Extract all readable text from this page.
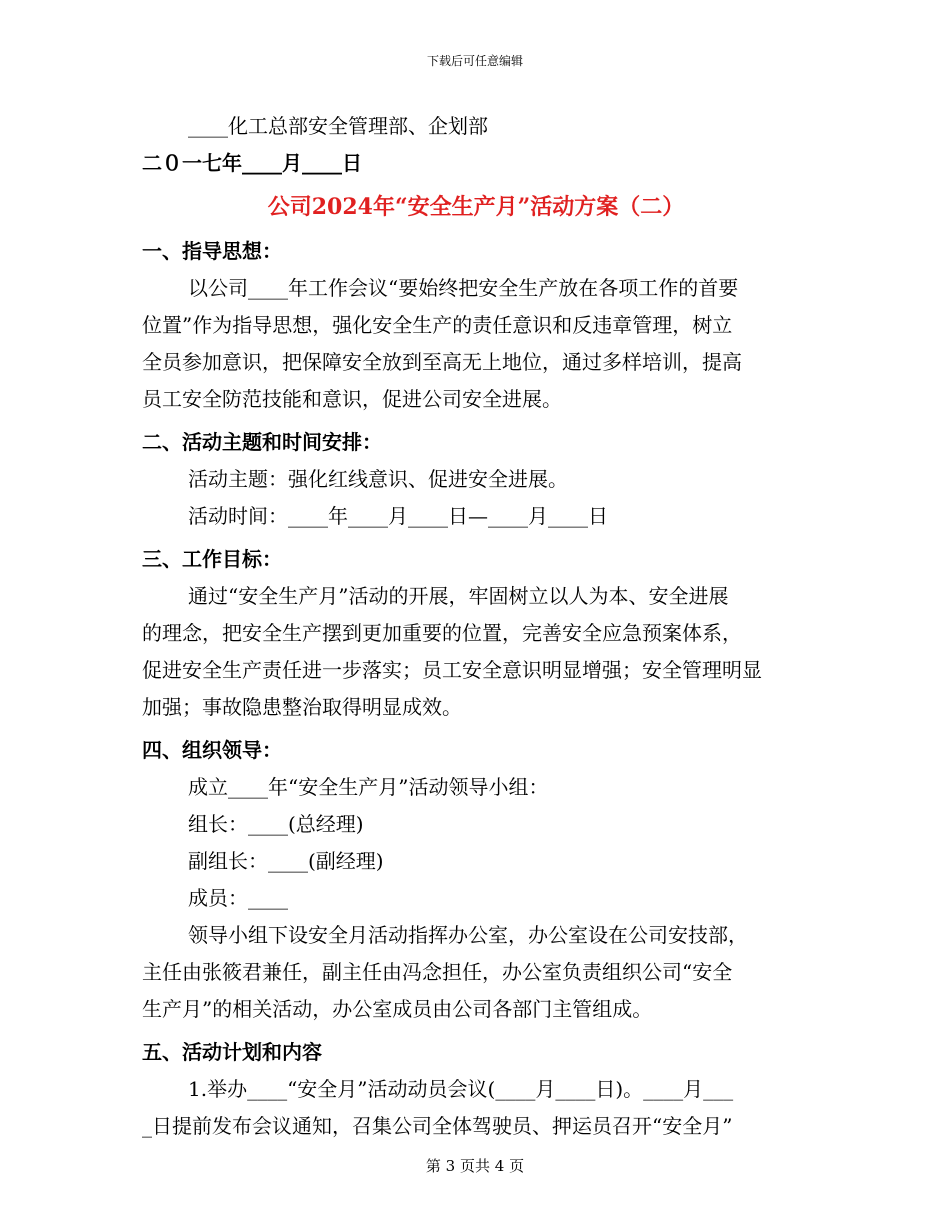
下载后可任意编辑
____化工总部安全管理部、企划部
二０一七年____月____日
公司2024年“安全生产月”活动方案（二）
一、指导思想：
以公司____年工作会议“要始终把安全生产放在各项工作的首要
位置”作为指导思想，强化安全生产的责任意识和反违章管理，树立
全员参加意识，把保障安全放到至高无上地位，通过多样培训，提高
员工安全防范技能和意识，促进公司安全进展。
二、活动主题和时间安排：
活动主题：强化红线意识、促进安全进展。
活动时间：____年____月____日—____月____日
三、工作目标：
通过“安全生产月”活动的开展，牢固树立以人为本、安全进展
的理念，把安全生产摆到更加重要的位置，完善安全应急预案体系，
促进安全生产责任进一步落实；员工安全意识明显增强；安全管理明显
加强；事故隐患整治取得明显成效。
四、组织领导：
成立____年“安全生产月”活动领导小组：
组长：____(总经理)
副组长：____(副经理)
成员：____
领导小组下设安全月活动指挥办公室，办公室设在公司安技部，
主任由张筱君兼任，副主任由冯念担任，办公室负责组织公司“安全
生产月”的相关活动，办公室成员由公司各部门主管组成。
五、活动计划和内容
1.举办____“安全月”活动动员会议(____月____日)。____月___
_日提前发布会议通知，召集公司全体驾驶员、押运员召开“安全月”
第 3 页共 4 页
